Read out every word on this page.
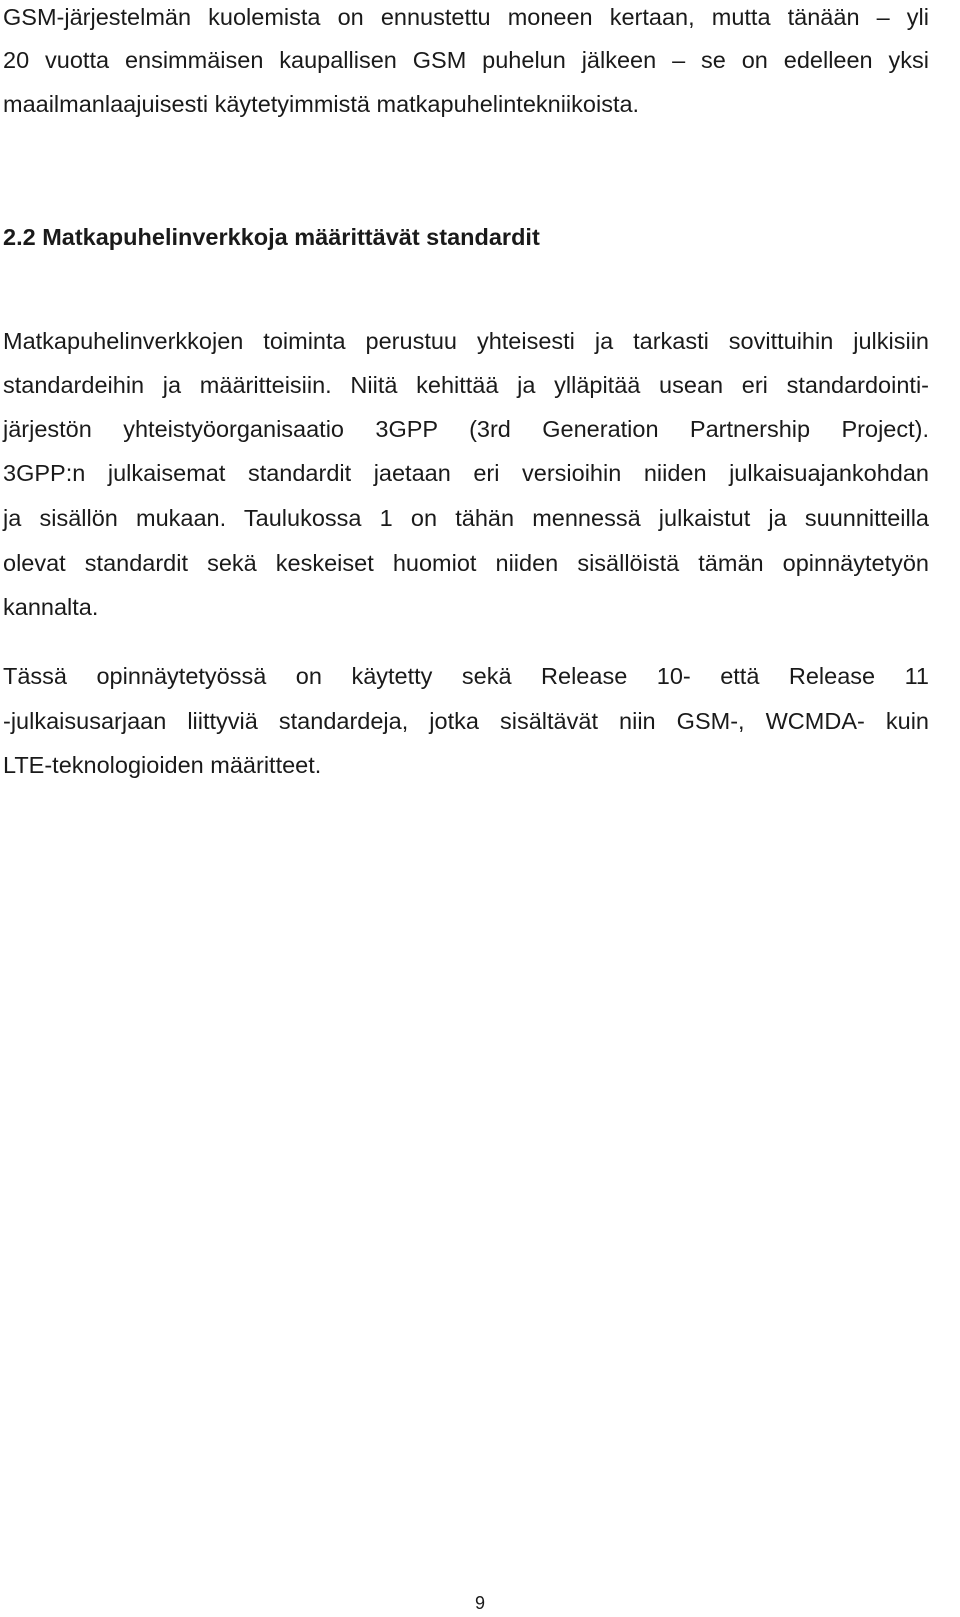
GSM-järjestelmän kuolemista on ennustettu moneen kertaan, mutta tänään – yli

20 vuotta ensimmäisen kaupallisen GSM puhelun jälkeen – se on edelleen yksi

maailmanlaajuisesti käytetyimmistä matkapuhelintekniikoista.

2.2 Matkapuhelinverkkoja määrittävät standardit

Matkapuhelinverkkojen toiminta perustuu yhteisesti ja tarkasti sovittuihin julkisiin

standardeihin ja määritteisiin. Niitä kehittää ja ylläpitää usean eri standardointi-

järjestön yhteistyöorganisaatio 3GPP (3rd Generation Partnership Project).

3GPP:n julkaisemat standardit jaetaan eri versioihin niiden julkaisuajankohdan

ja sisällön mukaan. Taulukossa 1 on tähän mennessä julkaistut ja suunnitteilla

olevat standardit sekä keskeiset huomiot niiden sisällöistä tämän opinnäytetyön

kannalta.

Tässä opinnäytetyössä on käytetty sekä Release 10- että Release 11

-julkaisusarjaan liittyviä standardeja, jotka sisältävät niin GSM-, WCMDA- kuin

LTE-teknologioiden määritteet.

9
